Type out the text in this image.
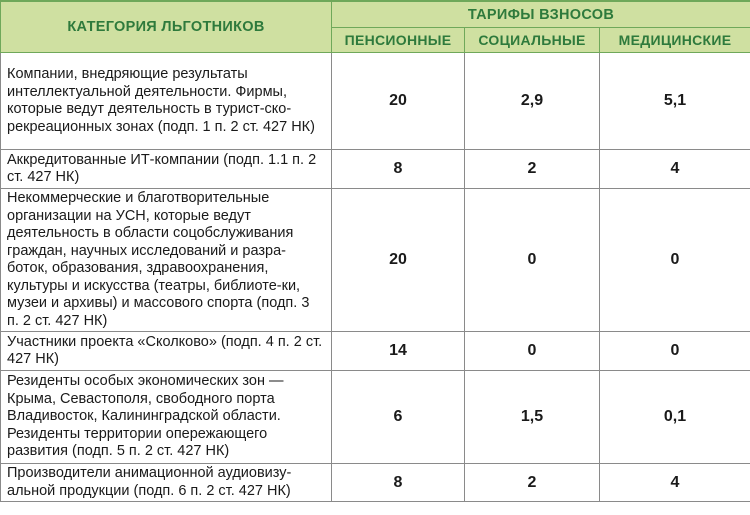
КАТЕГОРИЯ ЛЬГОТНИКОВ	ТАРИФЫ ВЗНОСОВ		
	ПЕНСИОННЫЕ	СОЦИАЛЬНЫЕ	МЕДИЦИНСКИЕ
Компании, внедряющие результаты интеллектуальной деятельности. Фирмы, которые ведут деятельность в турист-ско-рекреационных зонах (подп. 1 п. 2 ст. 427 НК)	20	2,9	5,1
Аккредитованные ИТ-компании (подп. 1.1 п. 2 ст. 427 НК)	8	2	4
Некоммерческие и благотворительные организации на УСН, которые ведут деятельность в области соцобслуживания граждан, научных исследований и разра-боток, образования, здравоохранения, культуры и искусства (театры, библиоте-ки, музеи и архивы) и массового спорта (подп. 3 п. 2 ст. 427 НК)	20	0	0
Участники проекта «Сколково» (подп. 4 п. 2 ст. 427 НК)	14	0	0
Резиденты особых экономических зон — Крыма, Севастополя, свободного порта Владивосток, Калининградской области. Резиденты территории опережающего развития (подп. 5 п. 2 ст. 427 НК)	6	1,5	0,1
Производители анимационной аудиовизу-альной продукции (подп. 6 п. 2 ст. 427 НК)	8	2	4
